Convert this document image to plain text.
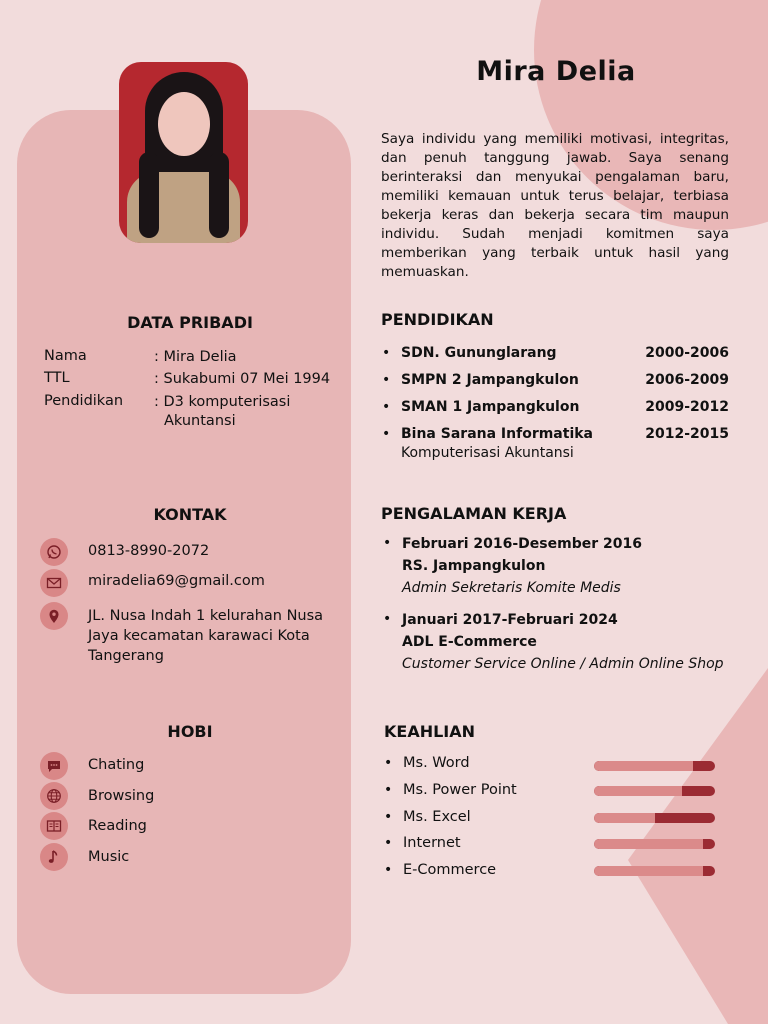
DATA PRIBADI
Nama	: Mira Delia
TTL	: Sukabumi 07 Mei 1994
Pendidikan : D3 komputerisasi
Akuntansi
KONTAK
0813-8990-2072
miradelia69@gmail.com
JL. Nusa Indah 1 kelurahan Nusa Jaya kecamatan karawaci Kota Tangerang
HOBI
Chating
Browsing
Reading
Music
Mira Delia
Saya individu yang memiliki motivasi, integritas, dan penuh tanggung jawab. Saya senang berinteraksi dan menyukai pengalaman baru, memiliki kemauan untuk terus belajar, terbiasa bekerja keras dan bekerja secara tim maupun individu. Sudah menjadi komitmen saya memberikan yang terbaik untuk hasil yang memuaskan.
PENDIDIKAN
• SDN. Gununglarang	2000-2006
• SMPN 2 Jampangkulon	2006-2009
• SMAN 1 Jampangkulon	2009-2012
• Bina Sarana Informatika	2012-2015
Komputerisasi Akuntansi
PENGALAMAN KERJA
• Februari 2016-Desember 2016
RS. Jampangkulon
Admin Sekretaris Komite Medis
• Januari 2017-Februari 2024
ADL E-Commerce
Customer Service Online / Admin Online Shop
KEAHLIAN
• Ms. Word
• Ms. Power Point
• Ms. Excel
• Internet
• E-Commerce
